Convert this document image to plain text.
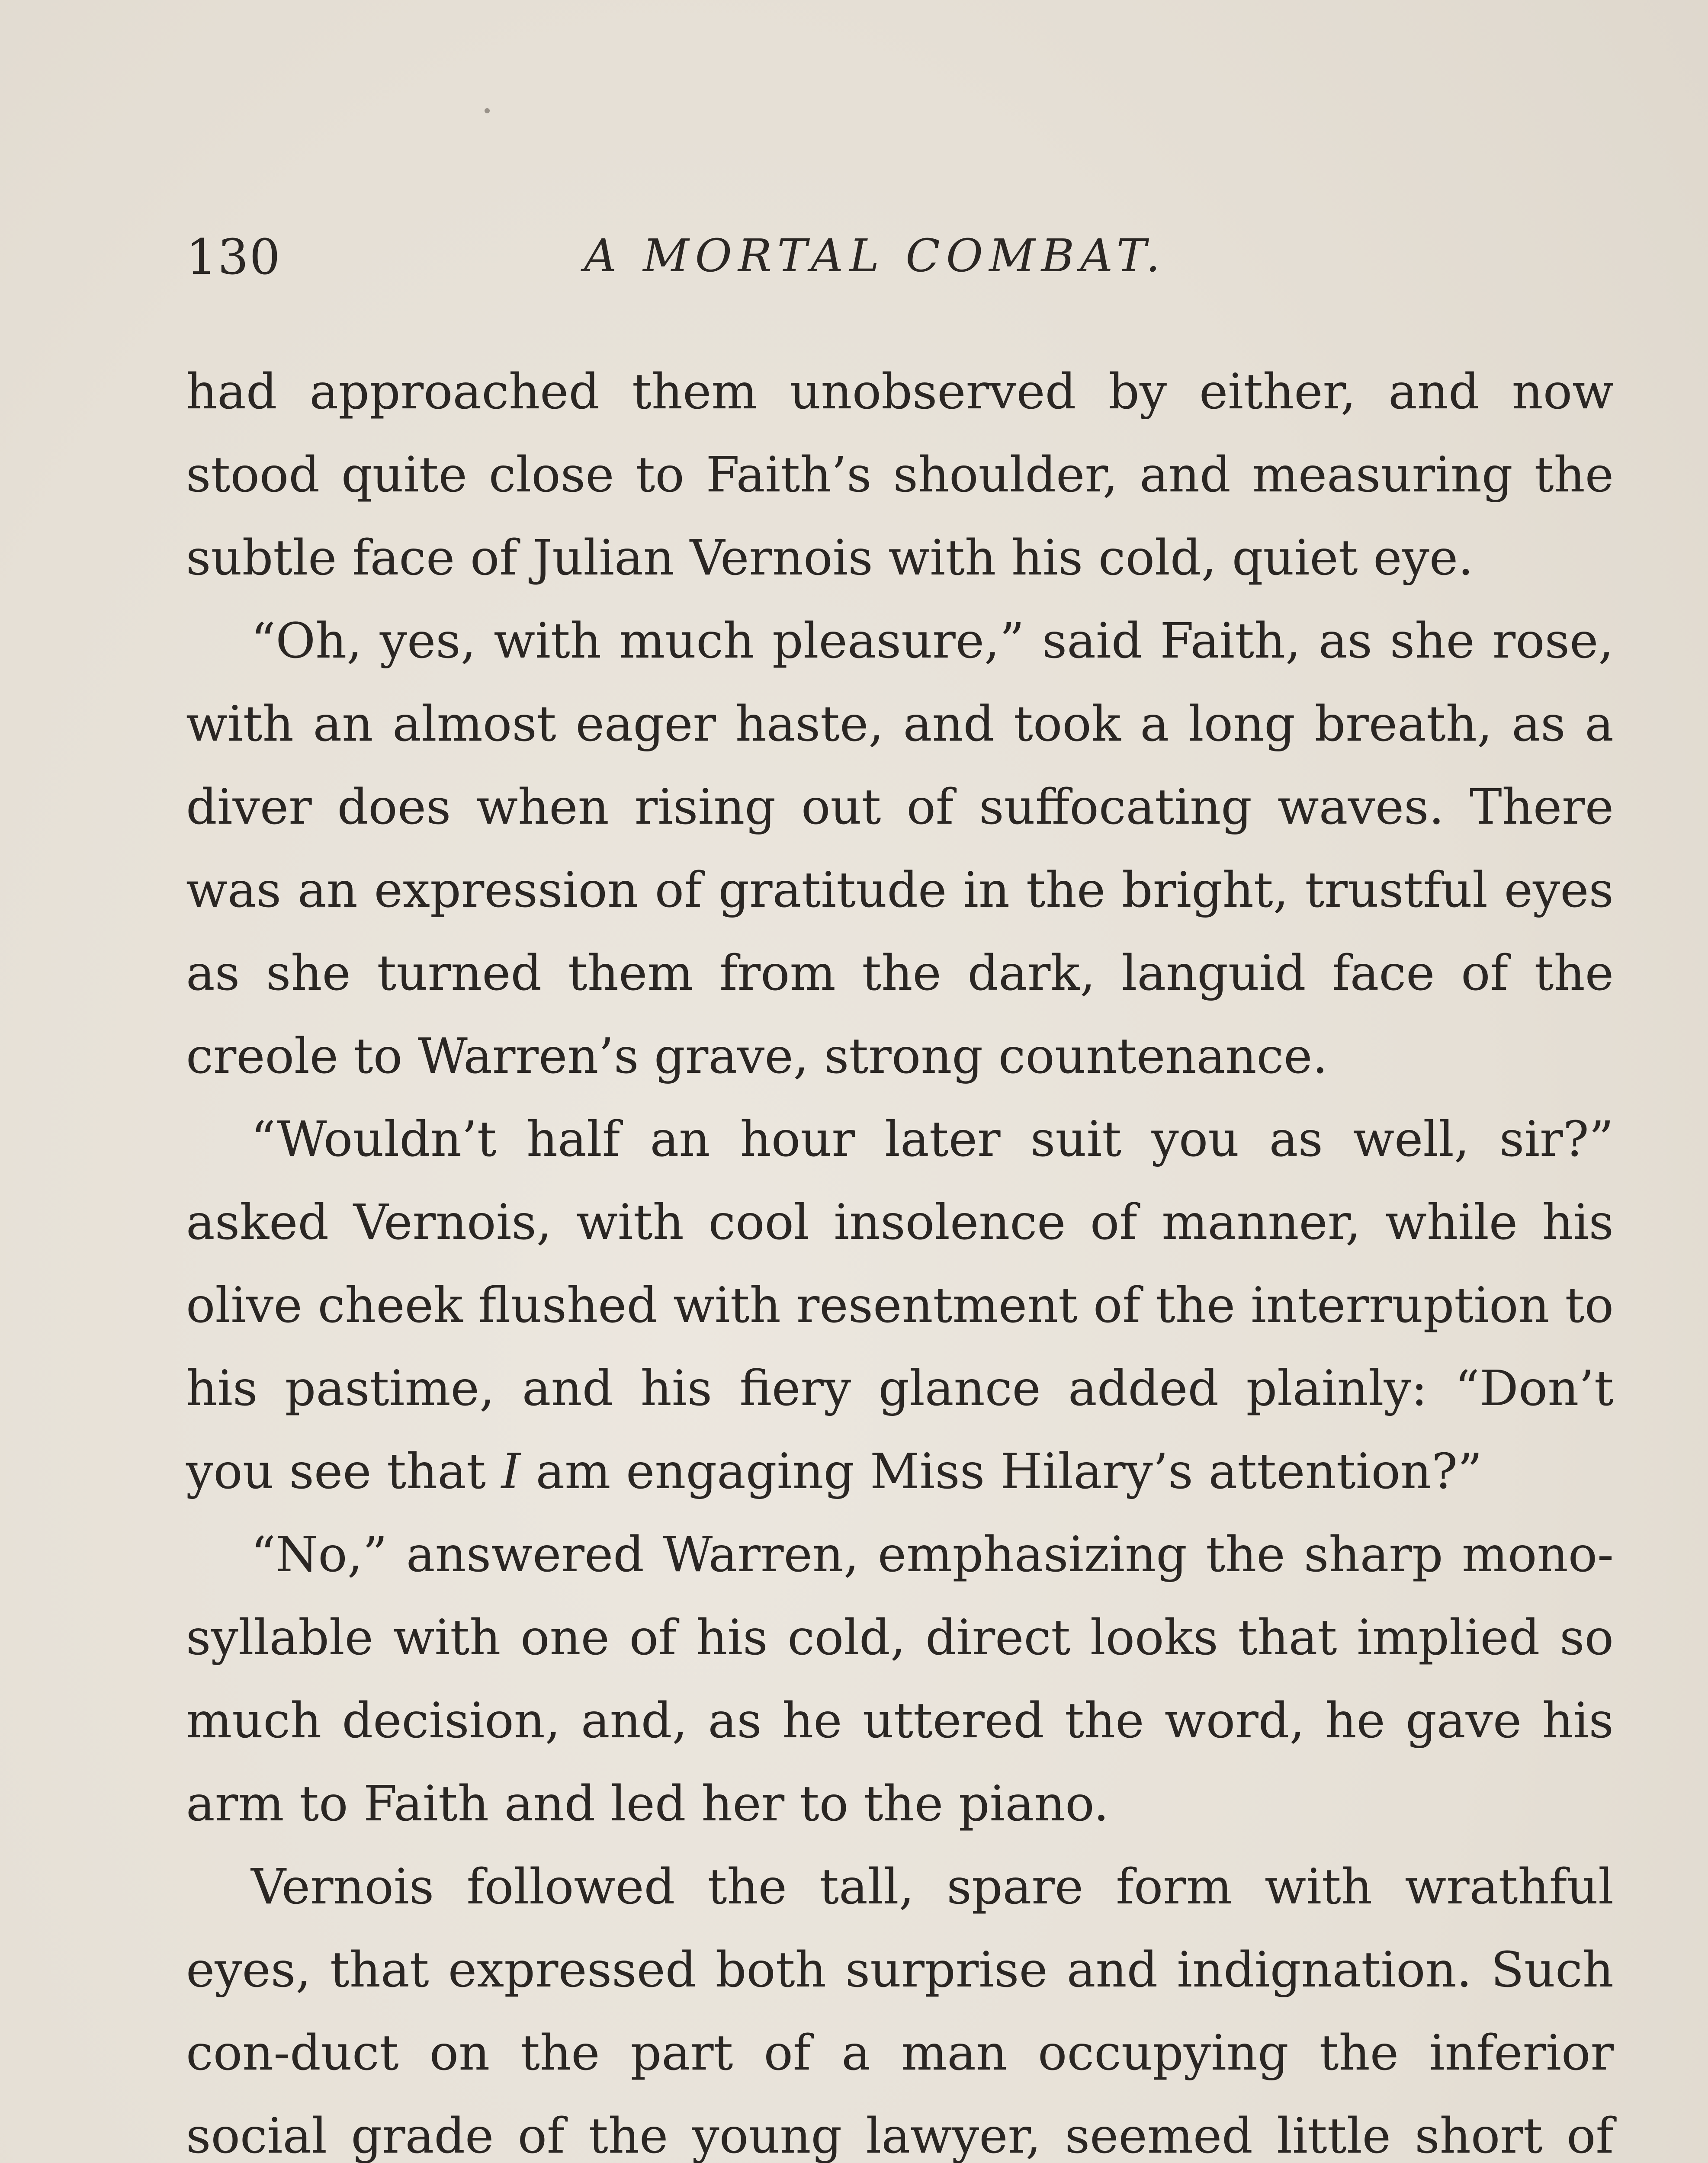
130	A MORTAL COMBAT.

had approached them unobserved by either, and now stood quite close to Faith’s shoulder, and measuring the subtle face of Julian Vernois with his cold, quiet eye.

“Oh, yes, with much pleasure,” said Faith, as she rose, with an almost eager haste, and took a long breath, as a diver does when rising out of suffocating waves. There was an expression of gratitude in the bright, trustful eyes as she turned them from the dark, languid face of the creole to Warren’s grave, strong countenance.

“Wouldn’t half an hour later suit you as well, sir?” asked Vernois, with cool insolence of manner, while his olive cheek flushed with resentment of the interruption to his pastime, and his fiery glance added plainly: “Don’t you see that I am engaging Miss Hilary’s attention?”

“No,” answered Warren, emphasizing the sharp mono-syllable with one of his cold, direct looks that implied so much decision, and, as he uttered the word, he gave his arm to Faith and led her to the piano.

Vernois followed the tall, spare form with wrathful eyes, that expressed both surprise and indignation. Such con-duct on the part of a man occupying the inferior social grade of the young lawyer, seemed little short of
